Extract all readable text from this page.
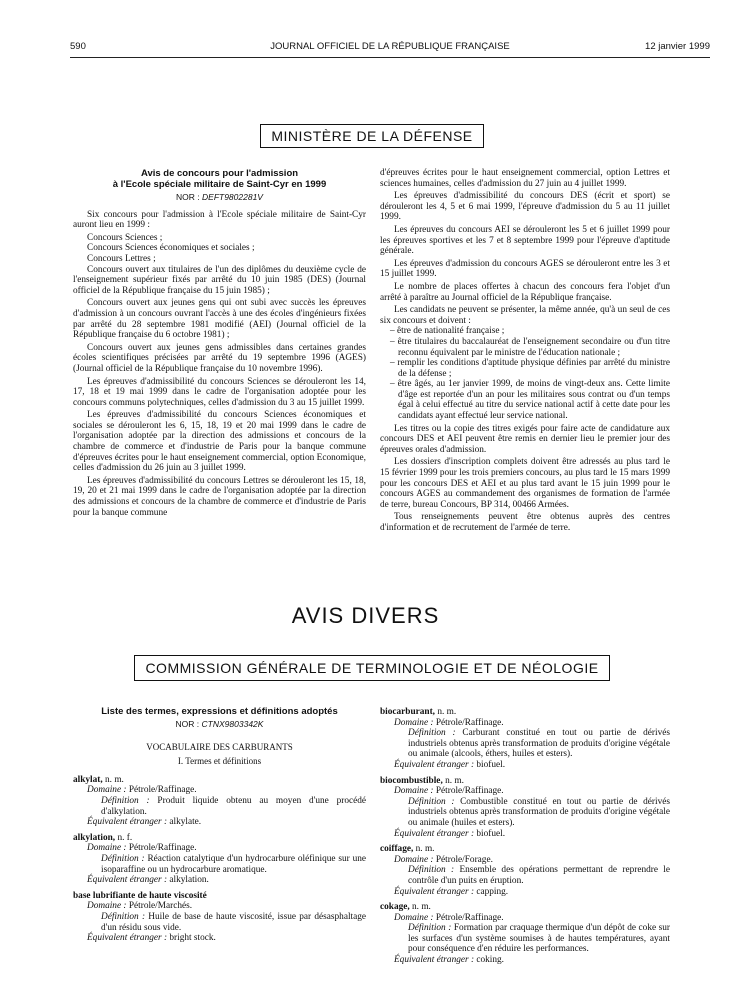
590	JOURNAL OFFICIEL DE LA RÉPUBLIQUE FRANÇAISE	12 janvier 1999
MINISTÈRE DE LA DÉFENSE
Avis de concours pour l'admission
à l'Ecole spéciale militaire de Saint-Cyr en 1999
NOR : DEFT9802281V

Six concours pour l'admission à l'Ecole spéciale militaire de Saint-Cyr auront lieu en 1999 :

Concours Sciences ;

Concours Sciences économiques et sociales ;

Concours Lettres ;

Concours ouvert aux titulaires de l'un des diplômes du deuxième cycle de l'enseignement supérieur fixés par arrêté du 10 juin 1985 (DES) (Journal officiel de la République française du 15 juin 1985) ;

Concours ouvert aux jeunes gens qui ont subi avec succès les épreuves d'admission à un concours ouvrant l'accès à une des écoles d'ingénieurs fixées par arrêté du 28 septembre 1981 modifié (AEI) (Journal officiel de la République française du 6 octobre 1981) ;

Concours ouvert aux jeunes gens admissibles dans certaines grandes écoles scientifiques précisées par arrêté du 19 septembre 1996 (AGES) (Journal officiel de la République française du 10 novembre 1996).

Les épreuves d'admissibilité du concours Sciences se dérouleront les 14, 17, 18 et 19 mai 1999 dans le cadre de l'organisation adoptée pour les concours communs polytechniques, celles d'admission du 3 au 15 juillet 1999.

Les épreuves d'admissibilité du concours Sciences économiques et sociales se dérouleront les 6, 15, 18, 19 et 20 mai 1999 dans le cadre de l'organisation adoptée par la direction des admissions et concours de la chambre de commerce et d'industrie de Paris pour la banque commune d'épreuves écrites pour le haut enseignement commercial, option Economique, celles d'admission du 26 juin au 3 juillet 1999.

Les épreuves d'admissibilité du concours Lettres se dérouleront les 15, 18, 19, 20 et 21 mai 1999 dans le cadre de l'organisation adoptée par la direction des admissions et concours de la chambre de commerce et d'industrie de Paris pour la banque commune

d'épreuves écrites pour le haut enseignement commercial, option Lettres et sciences humaines, celles d'admission du 27 juin au 4 juillet 1999.

Les épreuves d'admissibilité du concours DES (écrit et sport) se dérouleront les 4, 5 et 6 mai 1999, l'épreuve d'admission du 5 au 11 juillet 1999.

Les épreuves du concours AEI se dérouleront les 5 et 6 juillet 1999 pour les épreuves sportives et les 7 et 8 septembre 1999 pour l'épreuve d'aptitude générale.

Les épreuves d'admission du concours AGES se dérouleront entre les 3 et 15 juillet 1999.

Le nombre de places offertes à chacun des concours fera l'objet d'un arrêté à paraître au Journal officiel de la République française.

Les candidats ne peuvent se présenter, la même année, qu'à un seul de ces six concours et doivent :

– être de nationalité française ;
– être titulaires du baccalauréat de l'enseignement secondaire ou d'un titre reconnu équivalent par le ministre de l'éducation nationale ;
– remplir les conditions d'aptitude physique définies par arrêté du ministre de la défense ;
– être âgés, au 1er janvier 1999, de moins de vingt-deux ans. Cette limite d'âge est reportée d'un an pour les militaires sous contrat ou d'un temps égal à celui effectué au titre du service national actif à cette date pour les candidats ayant effectué leur service national.

Les titres ou la copie des titres exigés pour faire acte de candidature aux concours DES et AEI peuvent être remis en dernier lieu le premier jour des épreuves orales d'admission.

Les dossiers d'inscription complets doivent être adressés au plus tard le 15 février 1999 pour les trois premiers concours, au plus tard le 15 mars 1999 pour les concours DES et AEI et au plus tard avant le 15 juin 1999 pour le concours AGES au commandement des organismes de formation de l'armée de terre, bureau Concours, BP 314, 00466 Armées.

Tous renseignements peuvent être obtenus auprès des centres d'information et de recrutement de l'armée de terre.

AVIS DIVERS
COMMISSION GÉNÉRALE DE TERMINOLOGIE ET DE NÉOLOGIE
Liste des termes, expressions et définitions adoptés
NOR : CTNX9803342K
VOCABULAIRE DES CARBURANTS
I. Termes et définitions
alkylat, n. m.
Domaine : Pétrole/Raffinage.
Définition : Produit liquide obtenu au moyen d'une procédé d'alkylation.
Équivalent étranger : alkylate.
alkylation, n. f.
Domaine : Pétrole/Raffinage.
Définition : Réaction catalytique d'un hydrocarbure oléfinique sur une isoparaffine ou un hydrocarbure aromatique.
Équivalent étranger : alkylation.
base lubrifiante de haute viscosité
Domaine : Pétrole/Marchés.
Définition : Huile de base de haute viscosité, issue par désasphaltage d'un résidu sous vide.
Équivalent étranger : bright stock.
biocarburant, n. m.
Domaine : Pétrole/Raffinage.
Définition : Carburant constitué en tout ou partie de dérivés industriels obtenus après transformation de produits d'origine végétale ou animale (alcools, éthers, huiles et esters).
Équivalent étranger : biofuel.
biocombustible, n. m.
Domaine : Pétrole/Raffinage.
Définition : Combustible constitué en tout ou partie de dérivés industriels obtenus après transformation de produits d'origine végétale ou animale (huiles et esters).
Équivalent étranger : biofuel.
coiffage, n. m.
Domaine : Pétrole/Forage.
Définition : Ensemble des opérations permettant de reprendre le contrôle d'un puits en éruption.
Équivalent étranger : capping.
cokage, n. m.
Domaine : Pétrole/Raffinage.
Définition : Formation par craquage thermique d'un dépôt de coke sur les surfaces d'un système soumises à de hautes températures, ayant pour conséquence d'en réduire les performances.
Équivalent étranger : coking.
